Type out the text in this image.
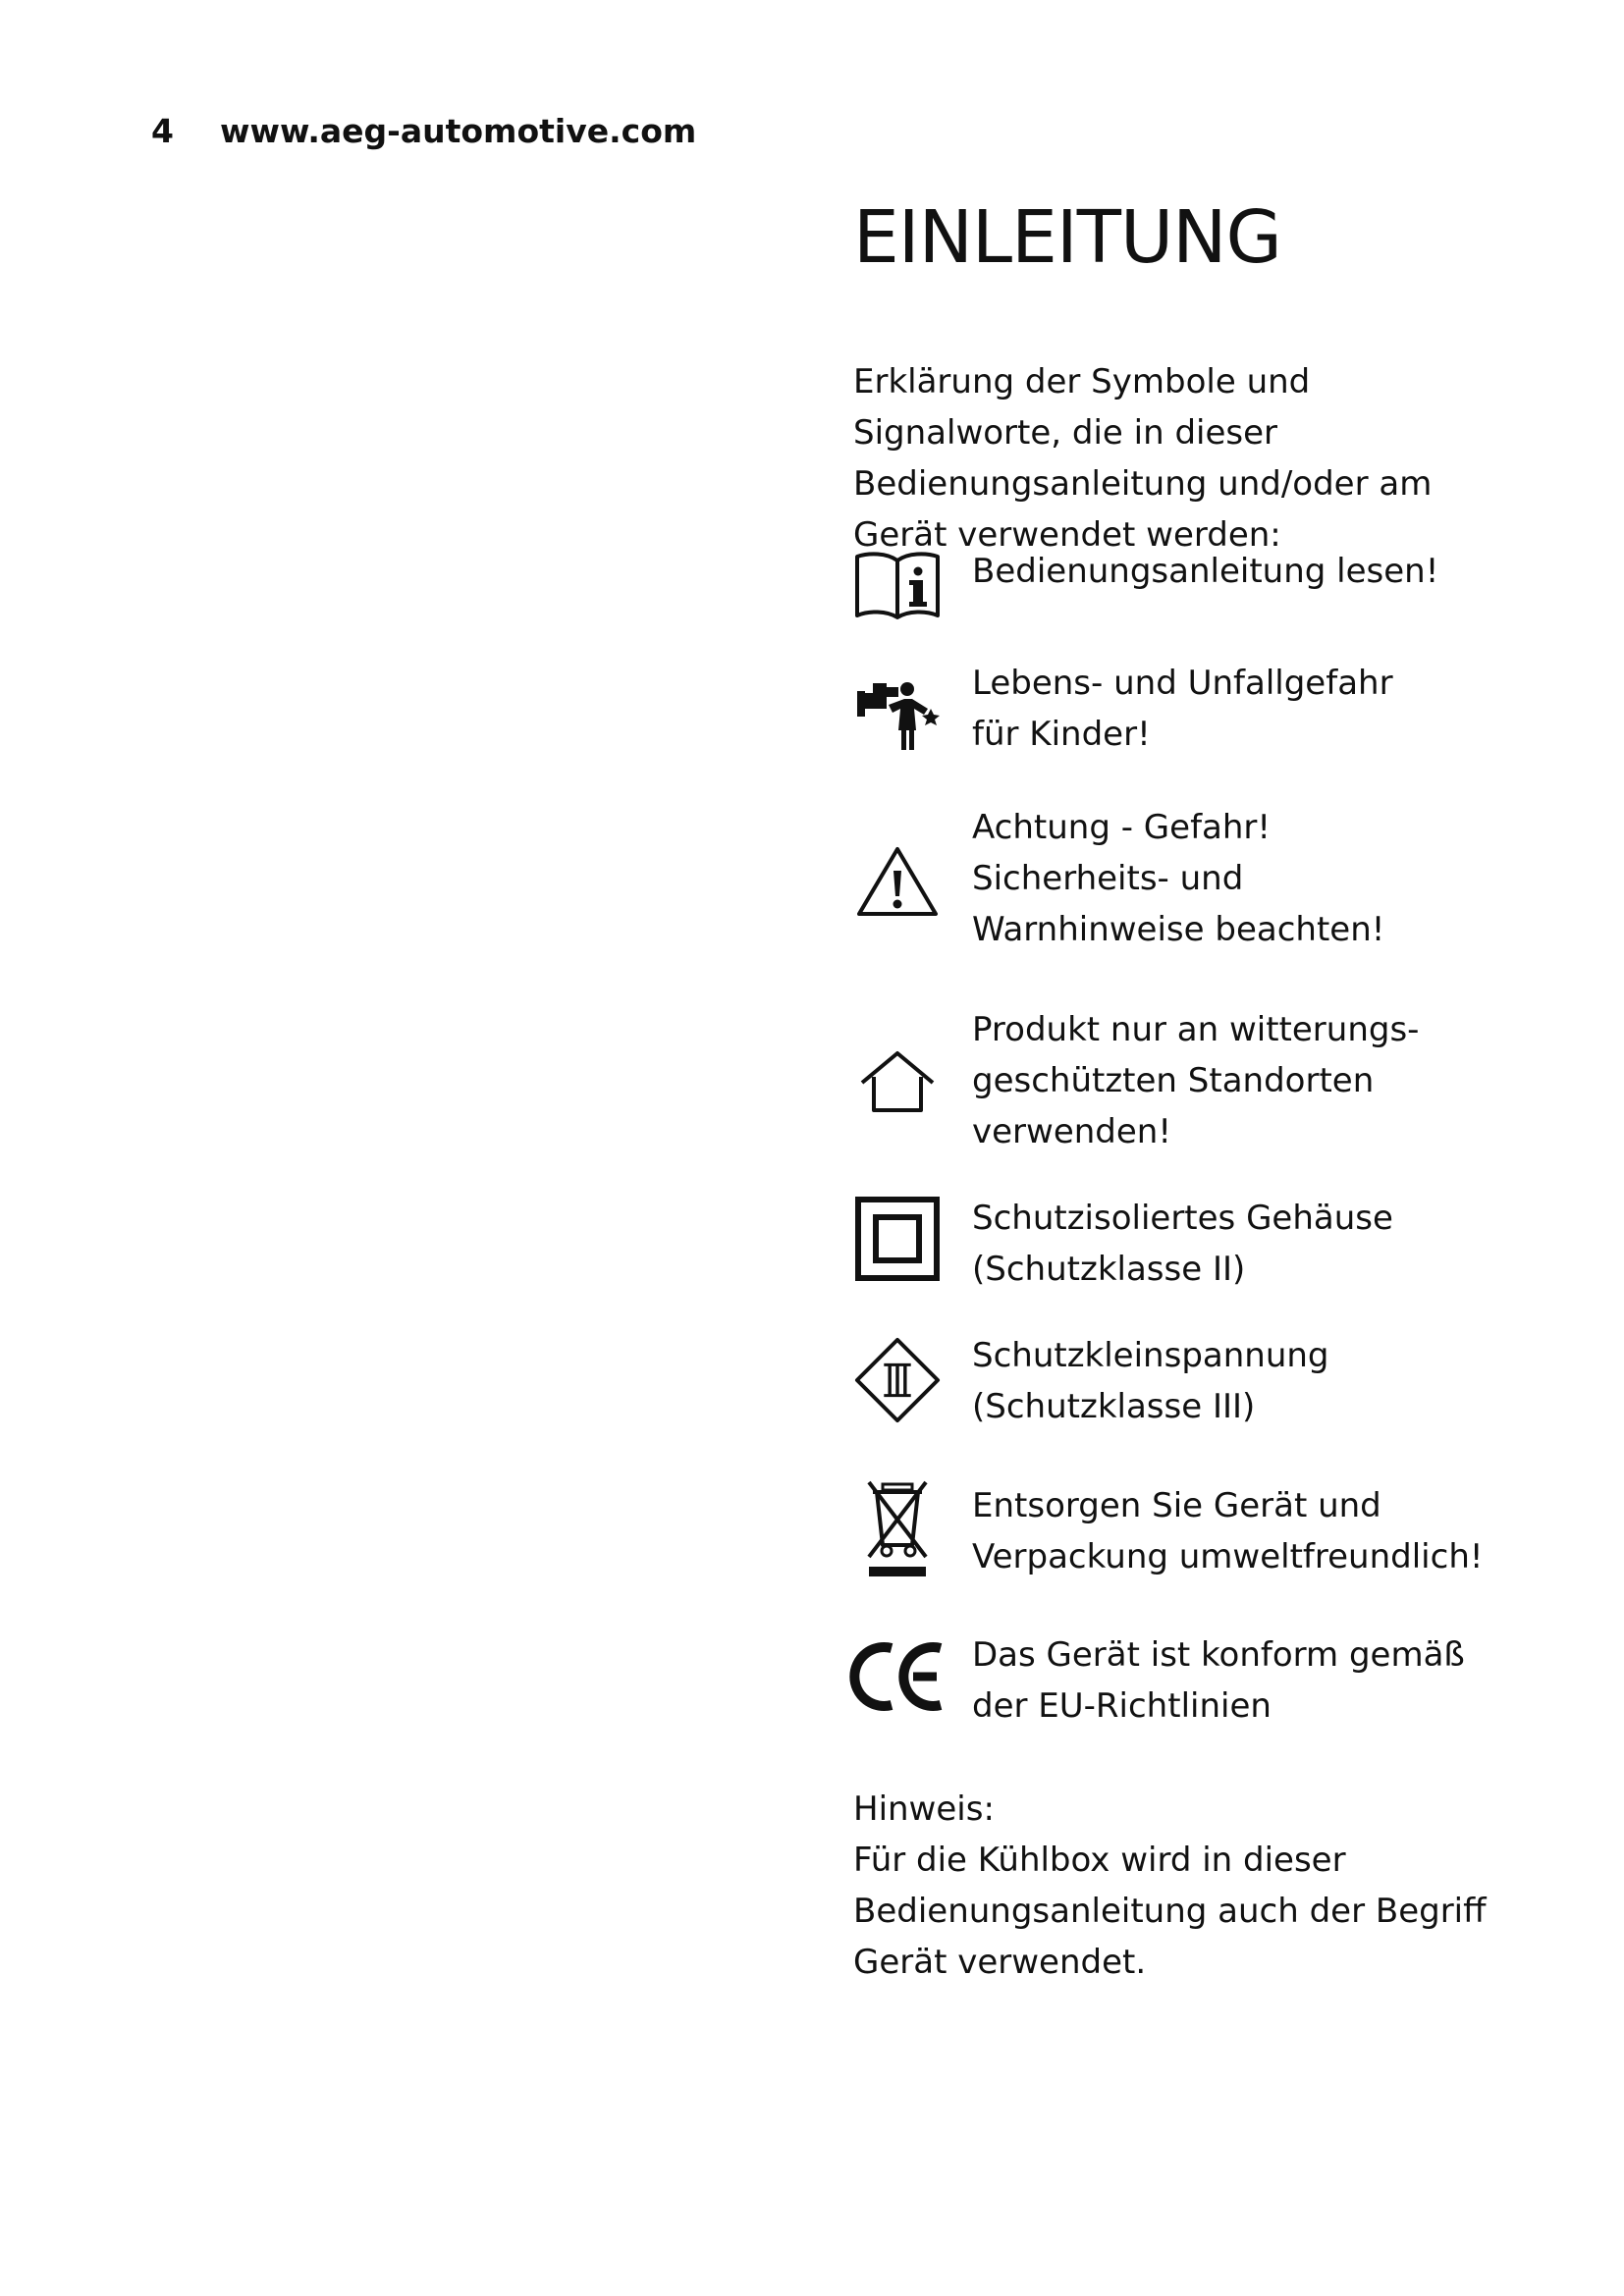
4	www.aeg-automotive.com
EINLEITUNG
Erklärung der Symbole und Signalworte, die in dieser Bedienungsanleitung und/oder am Gerät verwendet werden:
Bedienungsanleitung lesen!
Lebens- und Unfallgefahr
für Kinder!
Achtung - Gefahr!
Sicherheits- und
Warnhinweise beachten!
Produkt nur an witterungs-
geschützten Standorten
verwenden!
Schutzisoliertes Gehäuse
(Schutzklasse II)
Schutzkleinspannung
(Schutzklasse III)
Entsorgen Sie Gerät und
Verpackung umweltfreundlich!
Das Gerät ist konform gemäß
der EU-Richtlinien
Hinweis:
Für die Kühlbox wird in dieser Bedienungsanleitung auch der Begriff Gerät verwendet.
